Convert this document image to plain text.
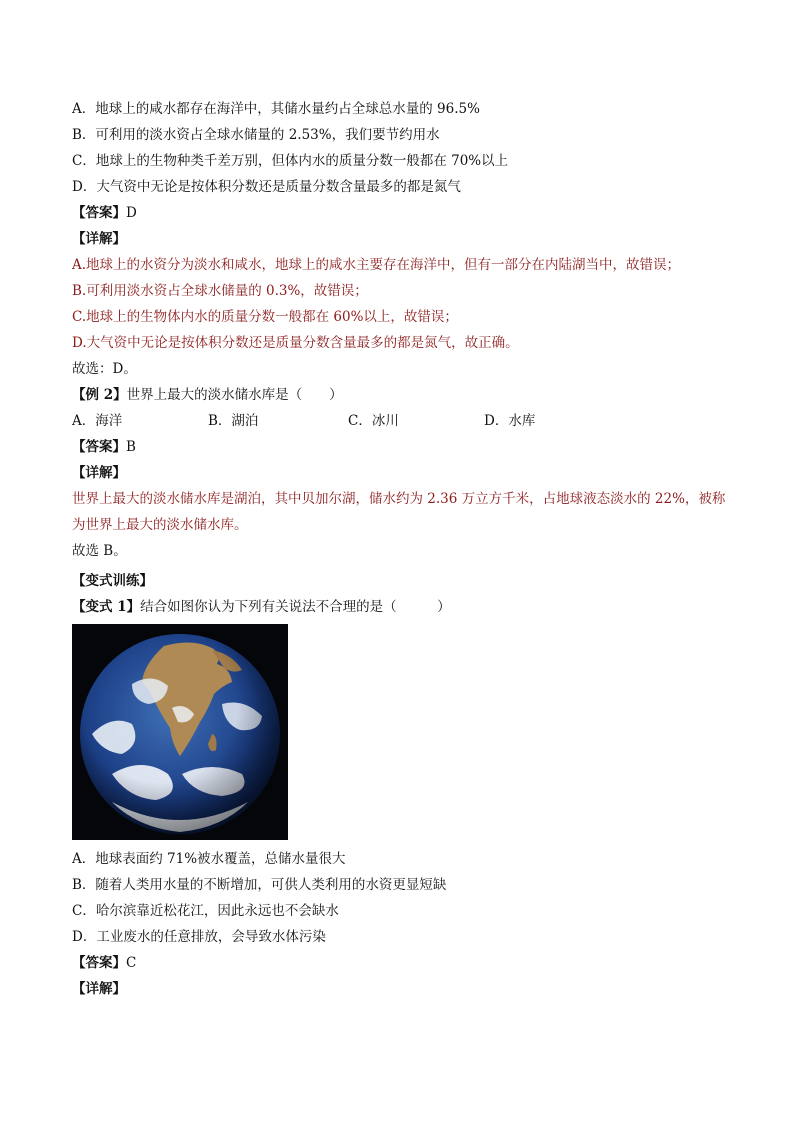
A．地球上的咸水都存在海洋中，其储水量约占全球总水量的 96.5%
B．可利用的淡水资占全球水储量的 2.53%，我们要节约用水
C．地球上的生物种类千差万别，但体内水的质量分数一般都在 70%以上
D．大气资中无论是按体积分数还是质量分数含量最多的都是氮气
【答案】D
【详解】
A.地球上的水资分为淡水和咸水，地球上的咸水主要存在海洋中，但有一部分在内陆湖当中，故错误；
B.可利用淡水资占全球水储量的 0.3%，故错误；
C.地球上的生物体内水的质量分数一般都在 60%以上，故错误；
D.大气资中无论是按体积分数还是质量分数含量最多的都是氮气，故正确。
故选：D。
【例 2】世界上最大的淡水储水库是（　　）
A．海洋	B．湖泊	C．冰川	D．水库
【答案】B
【详解】
世界上最大的淡水储水库是湖泊，其中贝加尔湖，储水约为 2.36 万立方千米，占地球液态淡水的 22%，被称为世界上最大的淡水储水库。
故选 B。
【变式训练】
【变式 1】结合如图你认为下列有关说法不合理的是（　　　）
A．地球表面约 71%被水覆盖，总储水量很大
B．随着人类用水量的不断增加，可供人类利用的水资更显短缺
C．哈尔滨靠近松花江，因此永远也不会缺水
D．工业废水的任意排放，会导致水体污染
【答案】C
【详解】
